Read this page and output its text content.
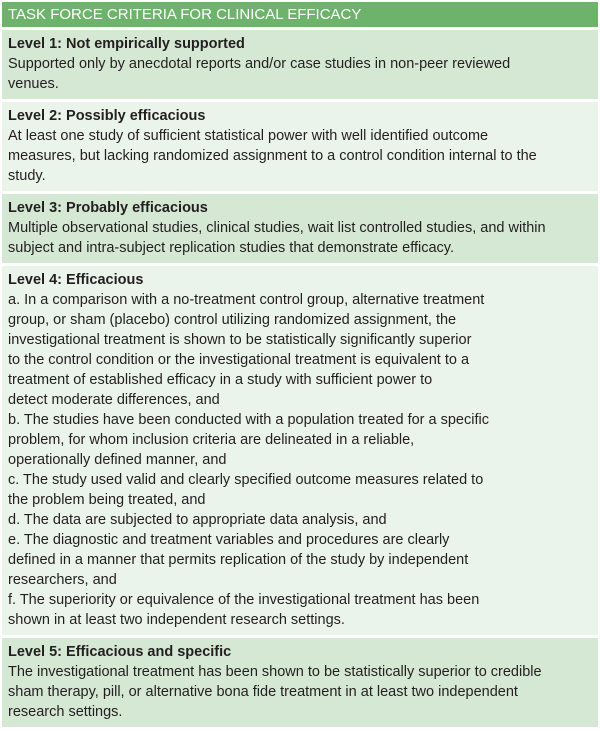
TASK FORCE CRITERIA FOR CLINICAL EFFICACY
Level 1: Not empirically supported
Supported only by anecdotal reports and/or case studies in non-peer reviewed
venues.
Level 2: Possibly efficacious
At least one study of sufficient statistical power with well identified outcome
measures, but lacking randomized assignment to a control condition internal to the
study.
Level 3: Probably efficacious
Multiple observational studies, clinical studies, wait list controlled studies, and within
subject and intra-subject replication studies that demonstrate efficacy.
Level 4: Efficacious
a. In a comparison with a no-treatment control group, alternative treatment
group, or sham (placebo) control utilizing randomized assignment, the
investigational treatment is shown to be statistically significantly superior
to the control condition or the investigational treatment is equivalent to a
treatment of established efficacy in a study with sufficient power to
detect moderate differences, and
b. The studies have been conducted with a population treated for a specific
problem, for whom inclusion criteria are delineated in a reliable,
operationally defined manner, and
c. The study used valid and clearly specified outcome measures related to
the problem being treated, and
d. The data are subjected to appropriate data analysis, and
e. The diagnostic and treatment variables and procedures are clearly
defined in a manner that permits replication of the study by independent
researchers, and
f. The superiority or equivalence of the investigational treatment has been
shown in at least two independent research settings.
Level 5: Efficacious and specific
The investigational treatment has been shown to be statistically superior to credible
sham therapy, pill, or alternative bona fide treatment in at least two independent
research settings.
